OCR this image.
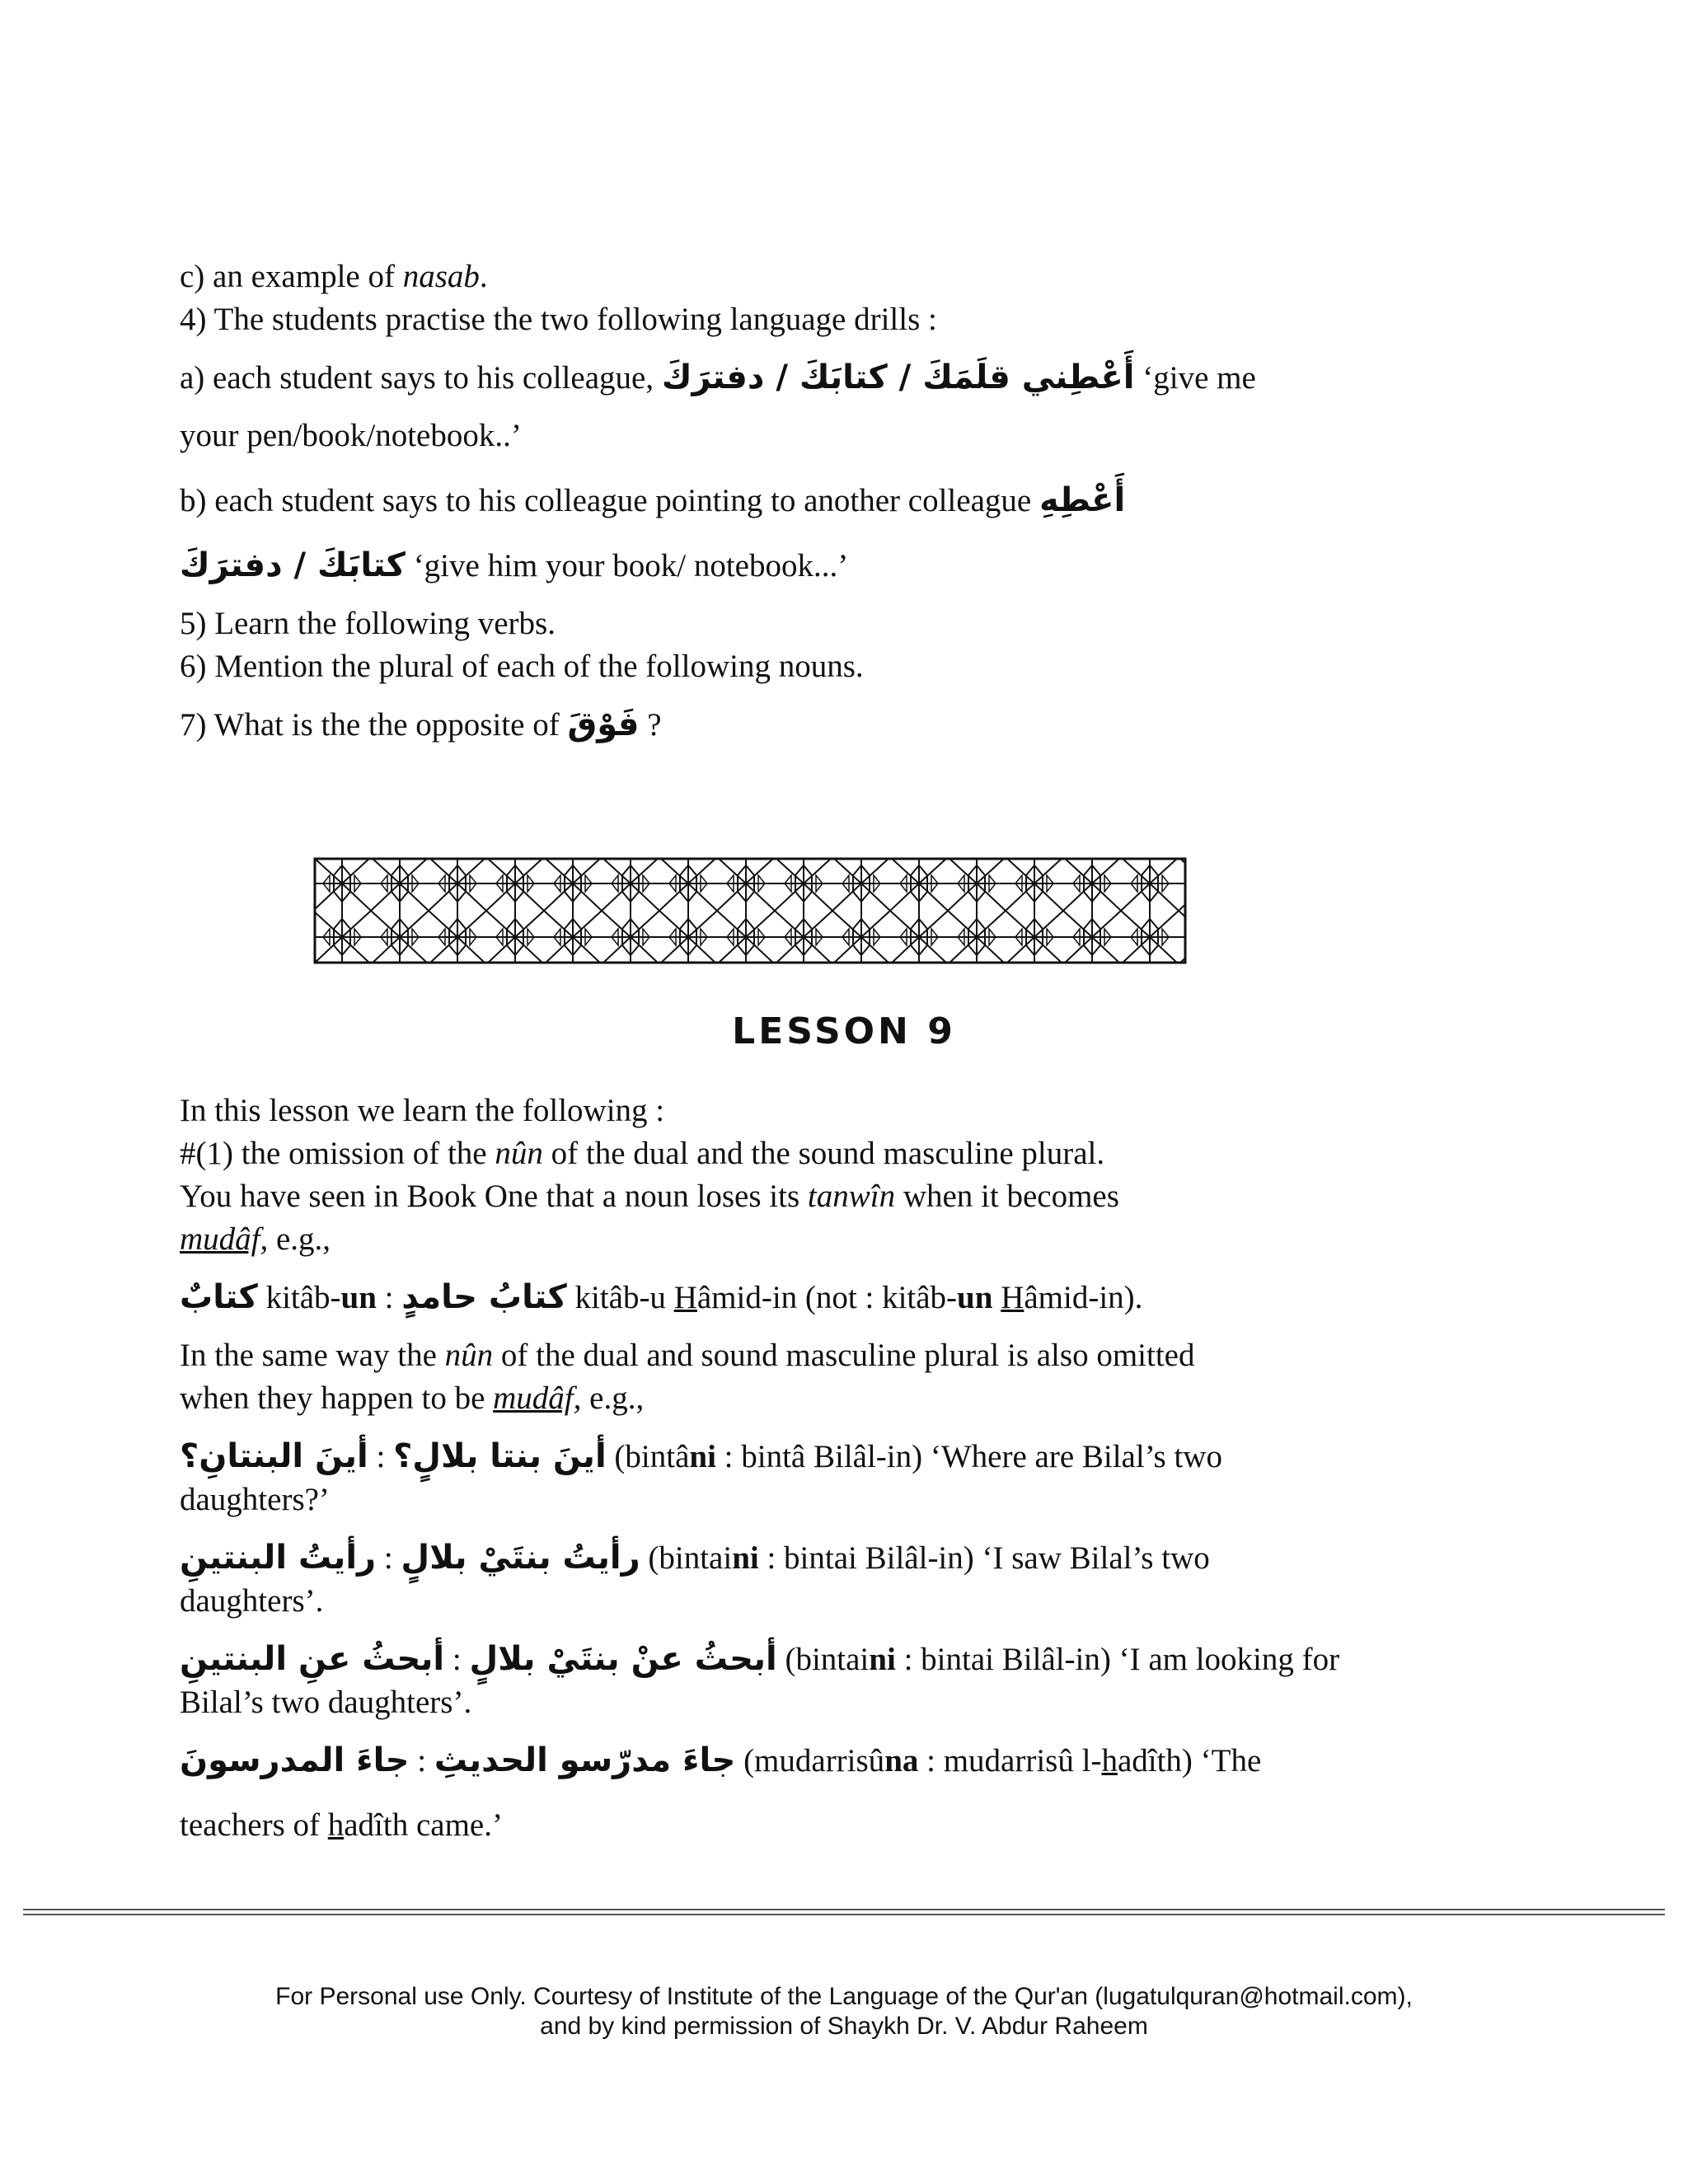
c) an example of nasab.

4) The students practise the two following language drills :

a) each student says to his colleague, أَعْطِني قلَمَكَ / كتابَكَ / دفترَكَ ‘give me

your pen/book/notebook..’

b) each student says to his colleague pointing to another colleague أَعْطِهِ

كتابَكَ / دفترَكَ ‘give him your book/ notebook...’

5) Learn the following verbs.

6) Mention the plural of each of the following nouns.

7) What is the the opposite of فَوْقَ ?

LESSON 9

In this lesson we learn the following :

#(1) the omission of the nûn of the dual and the sound masculine plural.

You have seen in Book One that a noun loses its tanwîn when it becomes

mudâf, e.g.,

كتابٌ kitâb-un : كتابُ حامدٍ kitâb-u Hâmid-in (not : kitâb-un Hâmid-in).

In the same way the nûn of the dual and sound masculine plural is also omitted

when they happen to be mudâf, e.g.,

أينَ البنتانِ؟ : أينَ بنتا بلالٍ؟ (bintâni : bintâ Bilâl-in) ‘Where are Bilal’s two

daughters?’

رأيتُ البنتينِ : رأيتُ بنتَيْ بلالٍ (bintaini : bintai Bilâl-in) ‘I saw Bilal’s two

daughters’.

أبحثُ عنِ البنتينِ : أبحثُ عنْ بنتَيْ بلالٍ (bintaini : bintai Bilâl-in) ‘I am looking for

Bilal’s two daughters’.

جاءَ المدرسونَ : جاءَ مدرّسو الحديثِ (mudarrisûna : mudarrisû l-hadîth) ‘The

teachers of hadîth came.’

For Personal use Only. Courtesy of Institute of the Language of the Qur'an (lugatulquran@hotmail.com),
and by kind permission of Shaykh Dr. V. Abdur Raheem
